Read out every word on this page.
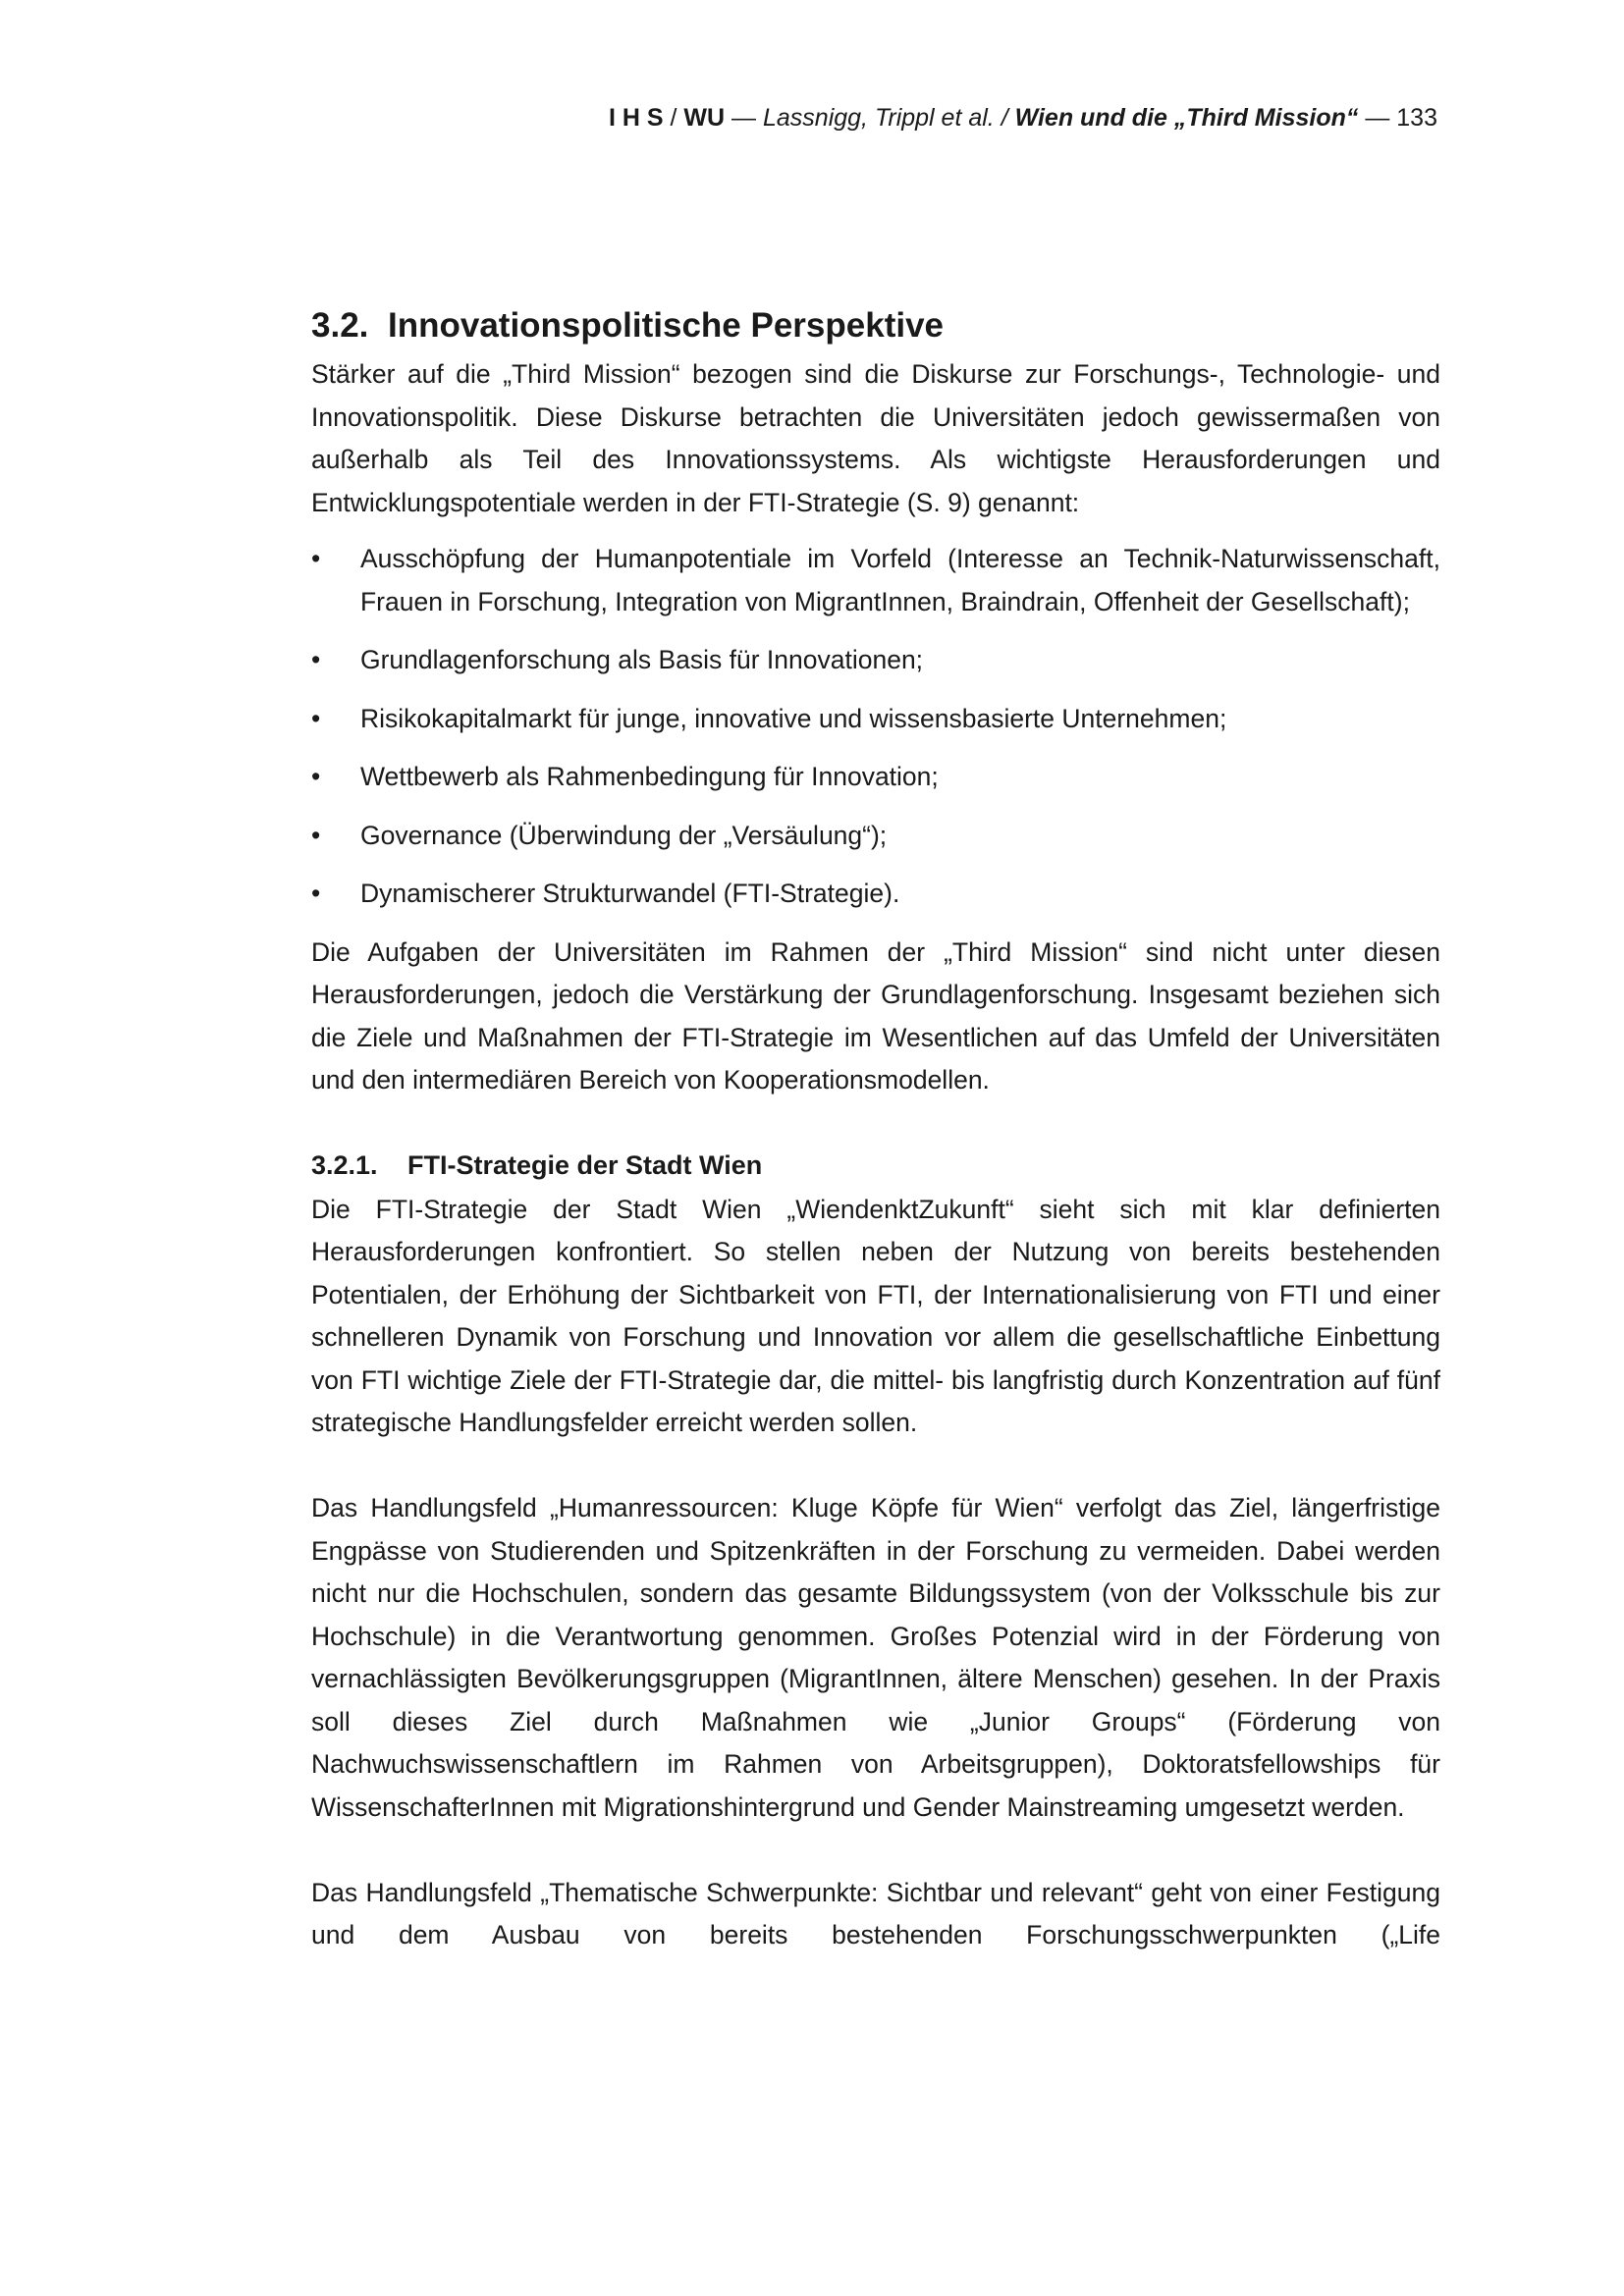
I H S / WU — Lassnigg, Trippl et al. / Wien und die „Third Mission“ — 133
3.2. Innovationspolitische Perspektive

Stärker auf die „Third Mission“ bezogen sind die Diskurse zur Forschungs-, Technologie- und Innovationspolitik. Diese Diskurse betrachten die Universitäten jedoch gewissermaßen von außerhalb als Teil des Innovationssystems. Als wichtigste Herausforderungen und Entwicklungspotentiale werden in der FTI-Strategie (S. 9) genannt:

•	Ausschöpfung der Humanpotentiale im Vorfeld (Interesse an Technik-Naturwissenschaft, Frauen in Forschung, Integration von MigrantInnen, Braindrain, Offenheit der Gesellschaft);
•	Grundlagenforschung als Basis für Innovationen;
•	Risikokapitalmarkt für junge, innovative und wissensbasierte Unternehmen;
•	Wettbewerb als Rahmenbedingung für Innovation;
•	Governance (Überwindung der „Versäulung“);
•	Dynamischerer Strukturwandel (FTI-Strategie).

Die Aufgaben der Universitäten im Rahmen der „Third Mission“ sind nicht unter diesen Herausforderungen, jedoch die Verstärkung der Grundlagenforschung. Insgesamt beziehen sich die Ziele und Maßnahmen der FTI-Strategie im Wesentlichen auf das Umfeld der Universitäten und den intermediären Bereich von Kooperationsmodellen.

3.2.1.	FTI-Strategie der Stadt Wien

Die FTI-Strategie der Stadt Wien „WiendenktZukunft“ sieht sich mit klar definierten Herausforderungen konfrontiert. So stellen neben der Nutzung von bereits bestehenden Potentialen, der Erhöhung der Sichtbarkeit von FTI, der Internationalisierung von FTI und einer schnelleren Dynamik von Forschung und Innovation vor allem die gesellschaftliche Einbettung von FTI wichtige Ziele der FTI-Strategie dar, die mittel- bis langfristig durch Konzentration auf fünf strategische Handlungsfelder erreicht werden sollen.

Das Handlungsfeld „Humanressourcen: Kluge Köpfe für Wien“ verfolgt das Ziel, längerfristige Engpässe von Studierenden und Spitzenkräften in der Forschung zu vermeiden. Dabei werden nicht nur die Hochschulen, sondern das gesamte Bildungssystem (von der Volksschule bis zur Hochschule) in die Verantwortung genommen. Großes Potenzial wird in der Förderung von vernachlässigten Bevölkerungsgruppen (MigrantInnen, ältere Menschen) gesehen. In der Praxis soll dieses Ziel durch Maßnahmen wie „Junior Groups“ (Förderung von Nachwuchswissenschaftlern im Rahmen von Arbeitsgruppen), Doktoratsfellowships für WissenschafterInnen mit Migrationshintergrund und Gender Mainstreaming umgesetzt werden.

Das Handlungsfeld „Thematische Schwerpunkte: Sichtbar und relevant“ geht von einer Festigung und dem Ausbau von bereits bestehenden Forschungsschwerpunkten („Life
